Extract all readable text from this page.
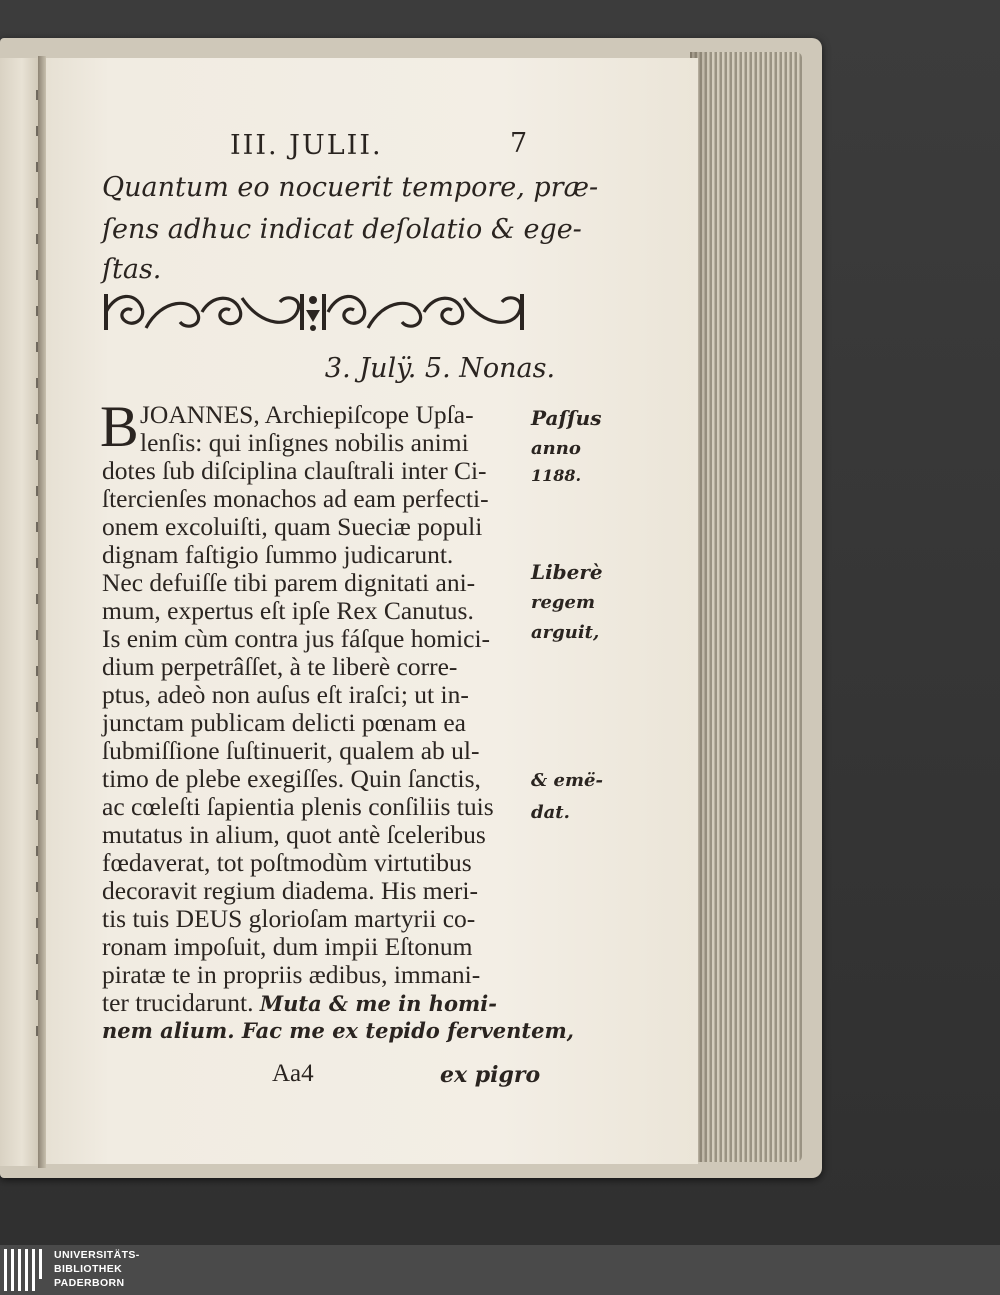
III. JULII.	7
Quantum eo nocuerit tempore, præ-
ſens adhuc indicat deſolatio & ege-
ſtas.
3. Julÿ. 5. Nonas.
B JOANNES, Archiepiſcope Upſa-
lenſis: qui inſignes nobilis animi
dotes ſub diſciplina clauſtrali inter Ci-
ſtercienſes monachos ad eam perfecti-
onem excoluiſti, quam Sueciæ populi
dignam faſtigio ſummo judicarunt.
Nec defuiſſe tibi parem dignitati ani-
mum, expertus eſt ipſe Rex Canutus.
Is enim cùm contra jus fáſque homici-
dium perpetrâſſet, à te liberè corre-
ptus, adeò non auſus eſt iraſci; ut in-
junctam publicam delicti pœnam ea
ſubmiſſione ſuſtinuerit, qualem ab ul-
timo de plebe exegiſſes. Quin ſanctis,
ac cœleſti ſapientia plenis conſiliis tuis
mutatus in alium, quot antè ſceleribus
fœdaverat, tot poſtmodùm virtutibus
decoravit regium diadema. His meri-
tis tuis DEUS glorioſam martyrii co-
ronam impoſuit, dum impii Eſtonum
piratæ te in propriis ædibus, immani-
ter trucidarunt. Muta & me in homi-
nem alium. Fac me ex tepido ferventem,
Paſſus
anno
1188.
Liberè
regem
arguit,
& emë-
dat.
Aa4	ex pigro
UNIVERSITÄTS-
BIBLIOTHEK
PADERBORN
